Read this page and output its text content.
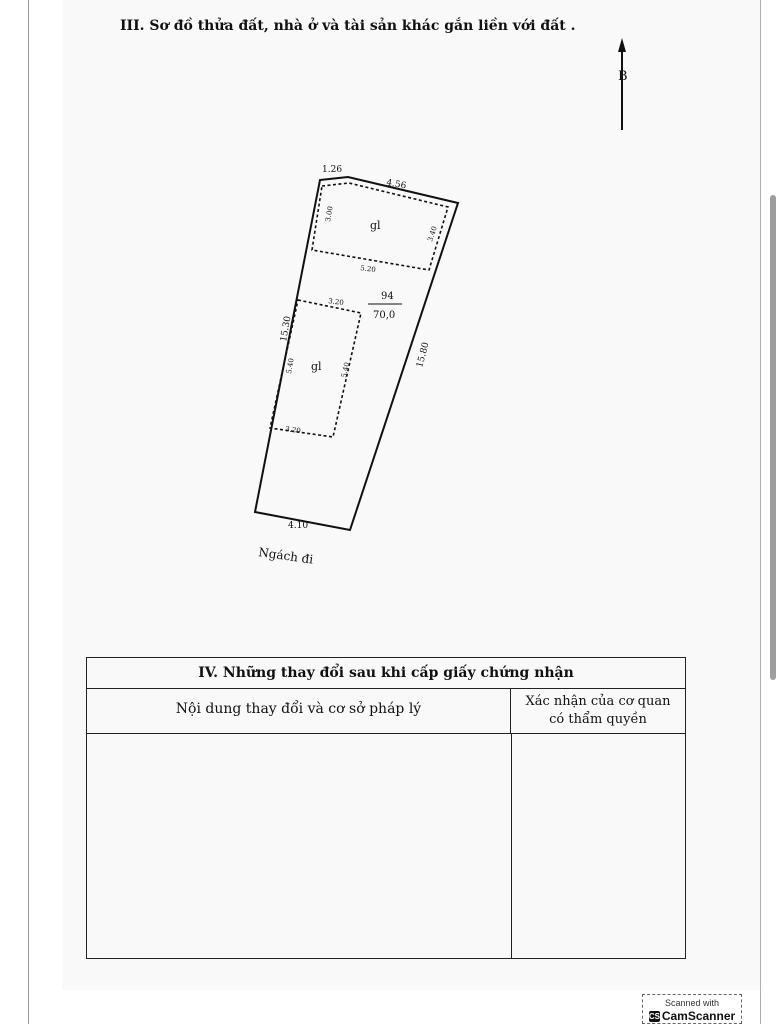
III. Sơ đồ thửa đất, nhà ở và tài sản khác gắn liền với đất .
B
1.26
4.56
15.30
15.80
4.10
94
70,0
Ngách đi
gl
3.00
3.40
5.20
3.20
gl
5.40	5.40
3.20
IV. Những thay đổi sau khi cấp giấy chứng nhận
Nội dung thay đổi và cơ sở pháp lý	Xác nhận của cơ quan
có thẩm quyền
Scanned with
CS CamScanner
